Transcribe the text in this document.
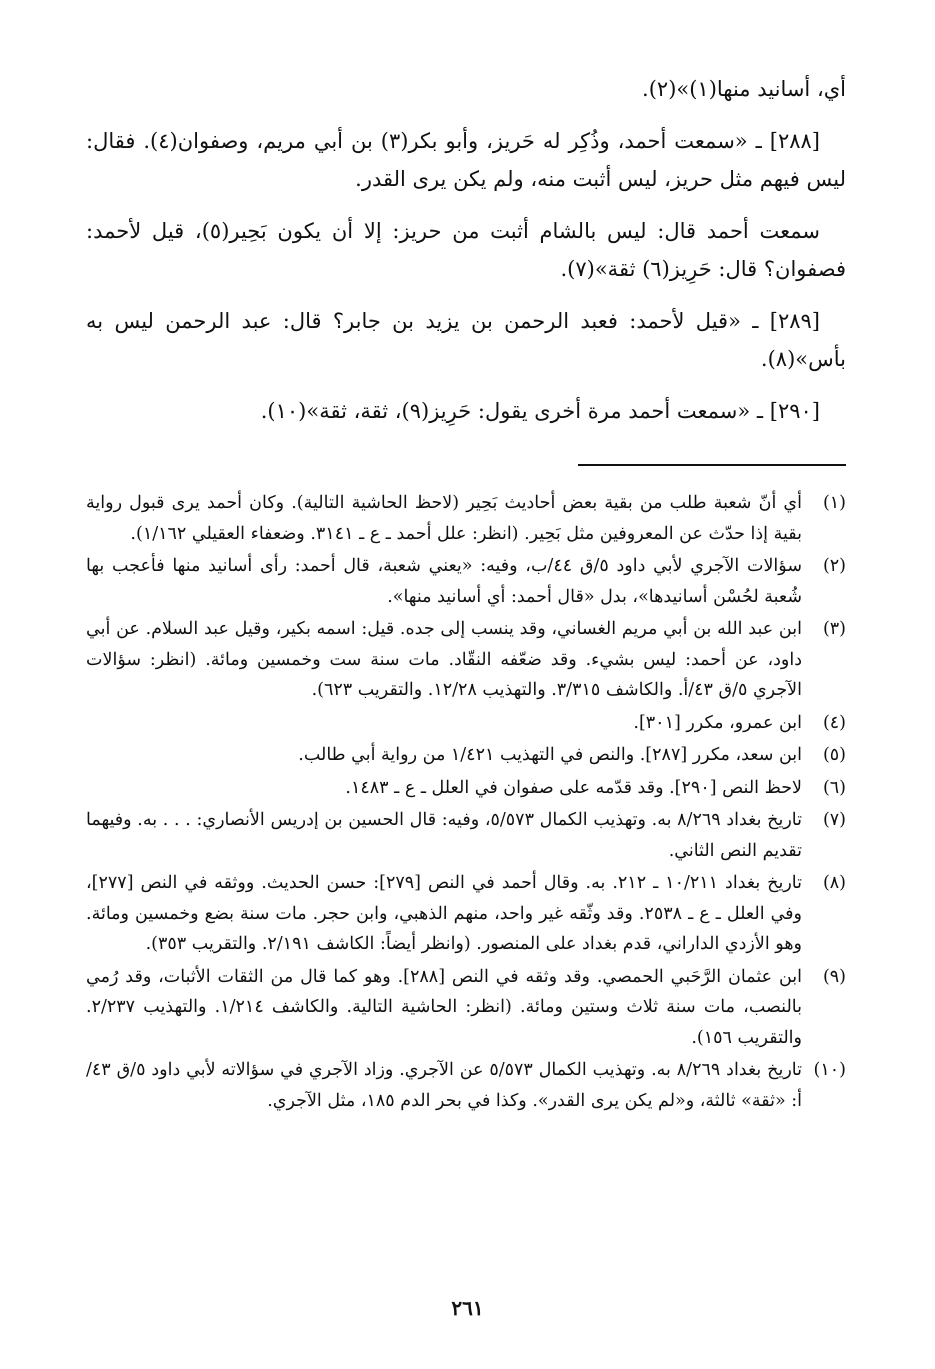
أي، أسانيد منها(١)»(٢).

[٢٨٨] ـ «سمعت أحمد، وذُكِر له حَريز، وأبو بكر(٣) بن أبي مريم، وصفوان(٤). فقال: ليس فيهم مثل حريز، ليس أثبت منه، ولم يكن يرى القدر.

سمعت أحمد قال: ليس بالشام أثبت من حريز: إلا أن يكون بَحِير(٥)، قيل لأحمد: فصفوان؟ قال: حَرِيز(٦) ثقة»(٧).

[٢٨٩] ـ «قيل لأحمد: فعبد الرحمن بن يزيد بن جابر؟ قال: عبد الرحمن ليس به بأس»(٨).

[٢٩٠] ـ «سمعت أحمد مرة أخرى يقول: حَرِيز(٩)، ثقة، ثقة»(١٠).

(١)
أي أنّ شعبة طلب من بقية بعض أحاديث بَحِير (لاحظ الحاشية التالية). وكان أحمد يرى قبول رواية بقية إذا حدّث عن المعروفين مثل بَحِير. (انظر: علل أحمد ـ ع ـ ٣١٤١. وضعفاء العقيلي ١/١٦٢).
(٢)
سؤالات الآجري لأبي داود ٥/ق ٤٤/ب، وفيه: «يعني شعبة، قال أحمد: رأى أسانيد منها فأعجب بها شُعبة لحُسْن أسانيدها»، بدل «قال أحمد: أي أسانيد منها».
(٣)
ابن عبد الله بن أبي مريم الغساني، وقد ينسب إلى جده. قيل: اسمه بكير، وقيل عبد السلام. عن أبي داود، عن أحمد: ليس بشيء. وقد ضعّفه النقّاد. مات سنة ست وخمسين ومائة. (انظر: سؤالات الآجري ٥/ق ٤٣/أ. والكاشف ٣/٣١٥. والتهذيب ١٢/٢٨. والتقريب ٦٢٣).
(٤)
ابن عمرو، مكرر [٣٠١].
(٥)
ابن سعد، مكرر [٢٨٧]. والنص في التهذيب ١/٤٢١ من رواية أبي طالب.
(٦)
لاحظ النص [٢٩٠]. وقد قدّمه على صفوان في العلل ـ ع ـ ١٤٨٣.
(٧)
تاريخ بغداد ٨/٢٦٩ به. وتهذيب الكمال ٥/٥٧٣، وفيه: قال الحسين بن إدريس الأنصاري: . . . به. وفيهما تقديم النص الثاني.
(٨)
تاريخ بغداد ١٠/٢١١ ـ ٢١٢. به. وقال أحمد في النص [٢٧٩]: حسن الحديث. ووثقه في النص [٢٧٧]، وفي العلل ـ ع ـ ٢٥٣٨. وقد وثّقه غير واحد، منهم الذهبي، وابن حجر. مات سنة بضع وخمسين ومائة. وهو الأزدي الداراني، قدم بغداد على المنصور. (وانظر أيضاً: الكاشف ٢/١٩١. والتقريب ٣٥٣).
(٩)
ابن عثمان الرَّحَبي الحمصي. وقد وثقه في النص [٢٨٨]. وهو كما قال من الثقات الأثبات، وقد رُمي بالنصب، مات سنة ثلاث وستين ومائة. (انظر: الحاشية التالية. والكاشف ١/٢١٤. والتهذيب ٢/٢٣٧. والتقريب ١٥٦).
(١٠)
تاريخ بغداد ٨/٢٦٩ به. وتهذيب الكمال ٥/٥٧٣ عن الآجري. وزاد الآجري في سؤالاته لأبي داود ٥/ق ٤٣/أ: «ثقة» ثالثة، و«لم يكن يرى القدر». وكذا في بحر الدم ١٨٥، مثل الآجري.
٢٦١
